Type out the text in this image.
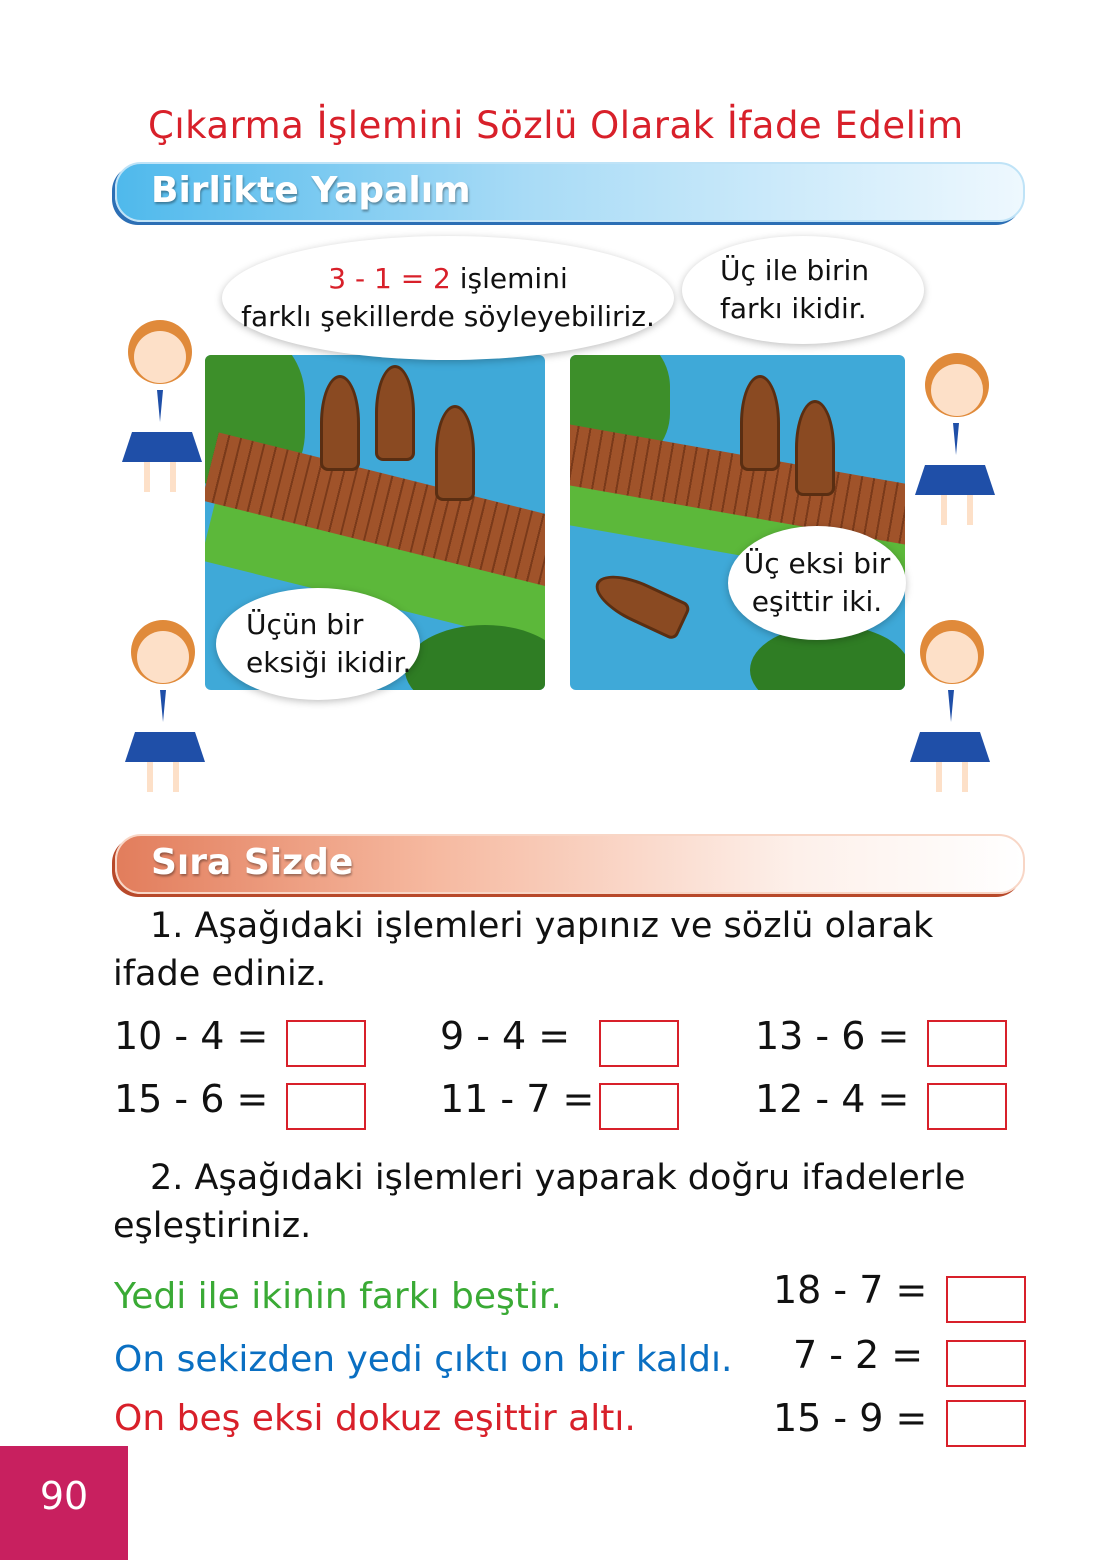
Çıkarma İşlemini Sözlü Olarak İfade Edelim
Birlikte Yapalım
3 - 1 = 2 işlemini
farklı şekillerde söyleyebiliriz.
Üç ile birin
farkı ikidir.
Üçün bir
eksiği ikidir.
Üç eksi bir
eşittir iki.
Sıra Sizde
1. Aşağıdaki işlemleri yapınız ve sözlü olarak
ifade ediniz.
10 - 4 =	9 - 4 =	13 - 6 =
15 - 6 =	11 - 7 =	12 - 4 =
2. Aşağıdaki işlemleri yaparak doğru ifadelerle
eşleştiriniz.
Yedi ile ikinin farkı beştir.
On sekizden yedi çıktı on bir kaldı.
On beş eksi dokuz eşittir altı.
18 - 7 =
7 - 2 =
15 - 9 =
90
